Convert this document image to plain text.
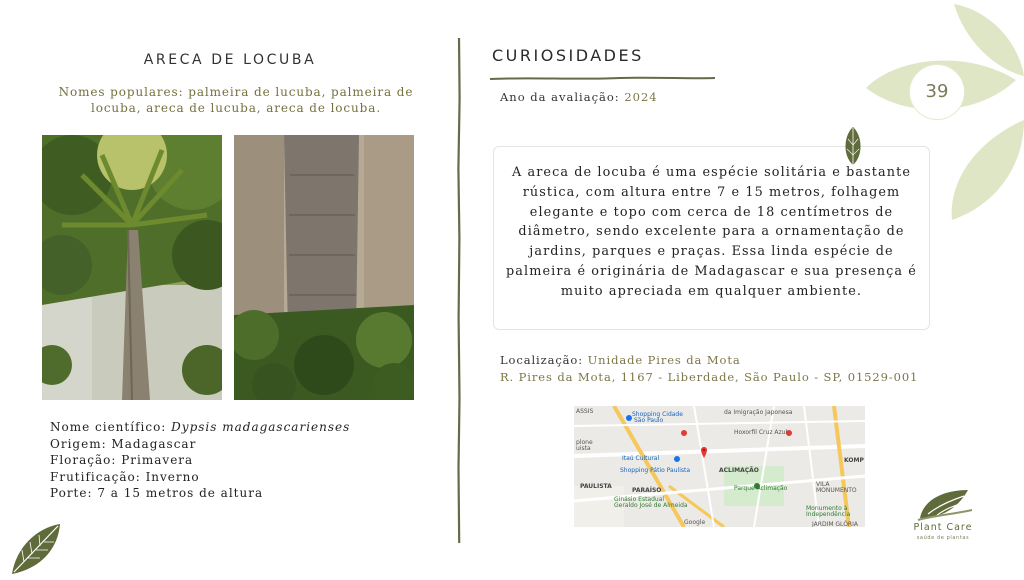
ARECA DE LOCUBA
Nomes populares: palmeira de lucuba, palmeira de locuba, areca de lucuba, areca de locuba.
Nome científico: Dypsis madagascarienses
Origem: Madagascar
Floração: Primavera
Frutificação: Inverno
Porte: 7 a 15 metros de altura
CURIOSIDADES
Ano da avaliação: 2024
A areca de locuba é uma espécie solitária e bastante rústica, com altura entre 7 e 15 metros, folhagem elegante e topo com cerca de 18 centímetros de diâmetro, sendo excelente para a ornamentação de jardins, parques e praças. Essa linda espécie de palmeira é originária de Madagascar e sua presença é muito apreciada em qualquer ambiente.
Localização: Unidade Pires da Mota
R. Pires da Mota, 1167 - Liberdade, São Paulo - SP, 01529-001
ASSIS	Shopping Cidade
São Paulo
da Imigração Japonesa
Hoxorfil Cruz Azul
plone
uista
Itaú Cultural
Shopping Pátio Paulista	ACLIMAÇÃO
KOMP
PAULISTA
PARAÍSO	Parque Aclimação
VILA
MONUMENTO
Ginásio Estadual
Geraldo José de Almeida	Monumento à
Independência
JARDIM GLÓRIA
Google
39
Plant Care
saúde de plantas
